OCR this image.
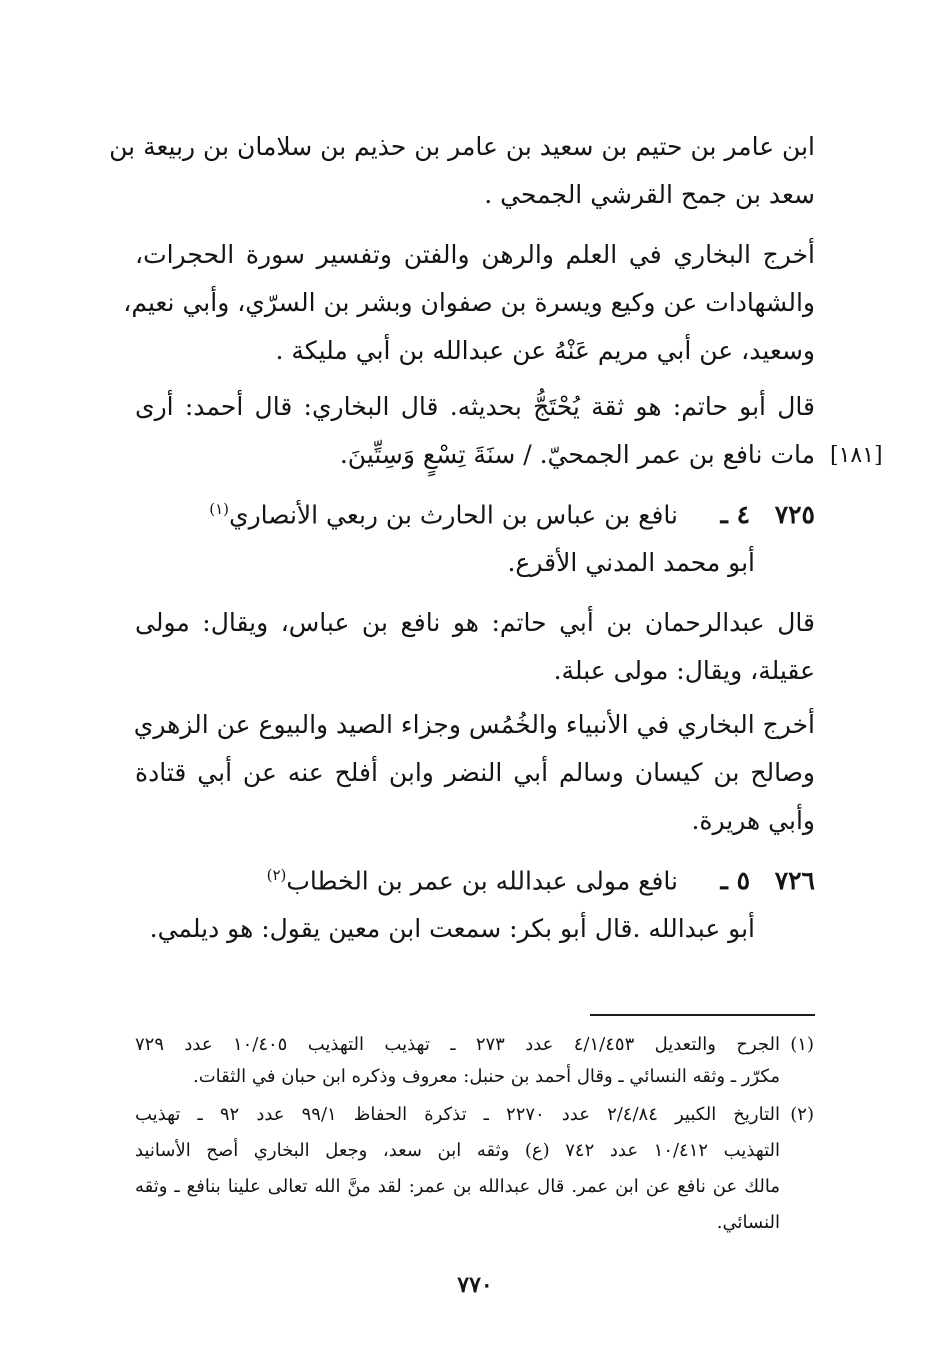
ابن عامر بن حتيم بن سعيد بن عامر بن حذيم بن سلامان بن ربيعة بن
سعد بن جمح القرشي الجمحي .
أخرج البخاري في العلم والرهن والفتن وتفسير سورة الحجرات،
والشهادات عن وكيع ويسرة بن صفوان وبشر بن السرّي، وأبي نعيم،
وسعيد، عن أبي مريم عَنْهُ عن عبدالله بن أبي مليكة .
قال أبو حاتم: هو ثقة يُحْتَجُّ بحديثه. قال البخاري: قال أحمد: أرى
مات نافع بن عمر الجمحيّ. / سنَةَ تِسْعٍ وَسِتِّينَ. [١٨١]
٧٢٥
٤ ـ
نافع بن عباس بن الحارث بن ربعي الأنصاري$^{(١)}$
أبو محمد المدني الأقرع.
قال عبدالرحمان بن أبي حاتم: هو نافع بن عباس، ويقال: مولى
عقيلة، ويقال: مولى عبلة.
أخرج البخاري في الأنبياء والخُمُس وجزاء الصيد والبيوع عن الزهري
وصالح بن كيسان وسالم أبي النضر وابن أفلح عنه عن أبي قتادة
وأبي هريرة.
٧٢٦
٥ ـ
نافع مولى عبدالله بن عمر بن الخطاب$^{(٢)}$
أبو عبدالله .قال أبو بكر: سمعت ابن معين يقول: هو ديلمي.
(١)
الجرح والتعديل ٤/١/٤٥٣ عدد ٢٧٣ ـ تهذيب التهذيب ١٠/٤٠٥ عدد ٧٢٩
مكرّر ـ وثقه النسائي ـ وقال أحمد بن حنبل: معروف وذكره ابن حبان في الثقات.
(٢)
التاريخ الكبير ٢/٤/٨٤ عدد ٢٢٧٠ ـ تذكرة الحفاظ ٩٩/١ عدد ٩٢ ـ تهذيب
التهذيب ١٠/٤١٢ عدد ٧٤٢ (ع) وثقه ابن سعد، وجعل البخاري أصح الأسانيد
مالك عن نافع عن ابن عمر. قال عبدالله بن عمر: لقد منَّ الله تعالى علينا بنافع ـ وثقه
النسائي.
٧٧٠
